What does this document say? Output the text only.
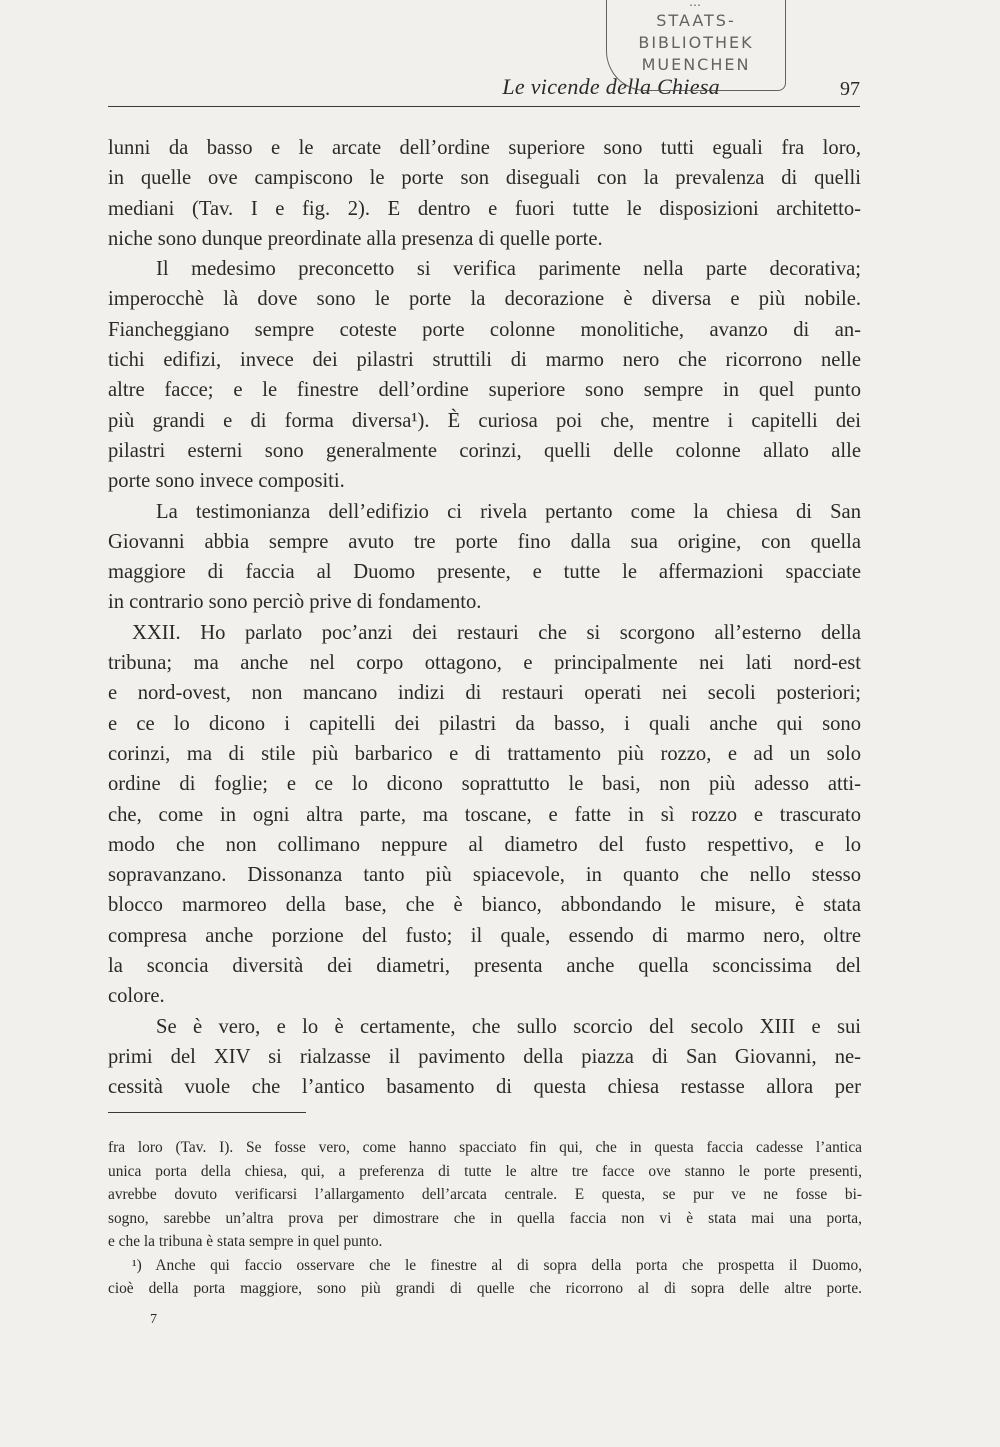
Le vicende della Chiesa	97
…
STAATS-
BIBLIOTHEK
MUENCHEN
lunni da basso e le arcate dell’ordine superiore sono tutti eguali fra loro,
in quelle ove campiscono le porte son diseguali con la prevalenza di quelli
mediani (Tav. I e fig. 2). E dentro e fuori tutte le disposizioni architetto-
niche sono dunque preordinate alla presenza di quelle porte.
Il medesimo preconcetto si verifica parimente nella parte decorativa;
imperocchè là dove sono le porte la decorazione è diversa e più nobile.
Fiancheggiano sempre coteste porte colonne monolitiche, avanzo di an-
tichi edifizi, invece dei pilastri struttili di marmo nero che ricorrono nelle
altre facce; e le finestre dell’ordine superiore sono sempre in quel punto
più grandi e di forma diversa¹). È curiosa poi che, mentre i capitelli dei
pilastri esterni sono generalmente corinzi, quelli delle colonne allato alle
porte sono invece compositi.
La testimonianza dell’edifizio ci rivela pertanto come la chiesa di San
Giovanni abbia sempre avuto tre porte fino dalla sua origine, con quella
maggiore di faccia al Duomo presente, e tutte le affermazioni spacciate
in contrario sono perciò prive di fondamento.
XXII. Ho parlato poc’anzi dei restauri che si scorgono all’esterno della
tribuna; ma anche nel corpo ottagono, e principalmente nei lati nord-est
e nord-ovest, non mancano indizi di restauri operati nei secoli posteriori;
e ce lo dicono i capitelli dei pilastri da basso, i quali anche qui sono
corinzi, ma di stile più barbarico e di trattamento più rozzo, e ad un solo
ordine di foglie; e ce lo dicono soprattutto le basi, non più adesso atti-
che, come in ogni altra parte, ma toscane, e fatte in sì rozzo e trascurato
modo che non collimano neppure al diametro del fusto respettivo, e lo
sopravanzano. Dissonanza tanto più spiacevole, in quanto che nello stesso
blocco marmoreo della base, che è bianco, abbondando le misure, è stata
compresa anche porzione del fusto; il quale, essendo di marmo nero, oltre
la sconcia diversità dei diametri, presenta anche quella sconcissima del
colore.
Se è vero, e lo è certamente, che sullo scorcio del secolo XIII e sui
primi del XIV si rialzasse il pavimento della piazza di San Giovanni, ne-
cessità vuole che l’antico basamento di questa chiesa restasse allora per
fra loro (Tav. I). Se fosse vero, come hanno spacciato fin qui, che in questa faccia cadesse l’antica
unica porta della chiesa, qui, a preferenza di tutte le altre tre facce ove stanno le porte presenti,
avrebbe dovuto verificarsi l’allargamento dell’arcata centrale. E questa, se pur ve ne fosse bi-
sogno, sarebbe un’altra prova per dimostrare che in quella faccia non vi è stata mai una porta,
e che la tribuna è stata sempre in quel punto.
¹) Anche qui faccio osservare che le finestre al di sopra della porta che prospetta il Duomo,
cioè della porta maggiore, sono più grandi di quelle che ricorrono al di sopra delle altre porte.
7
